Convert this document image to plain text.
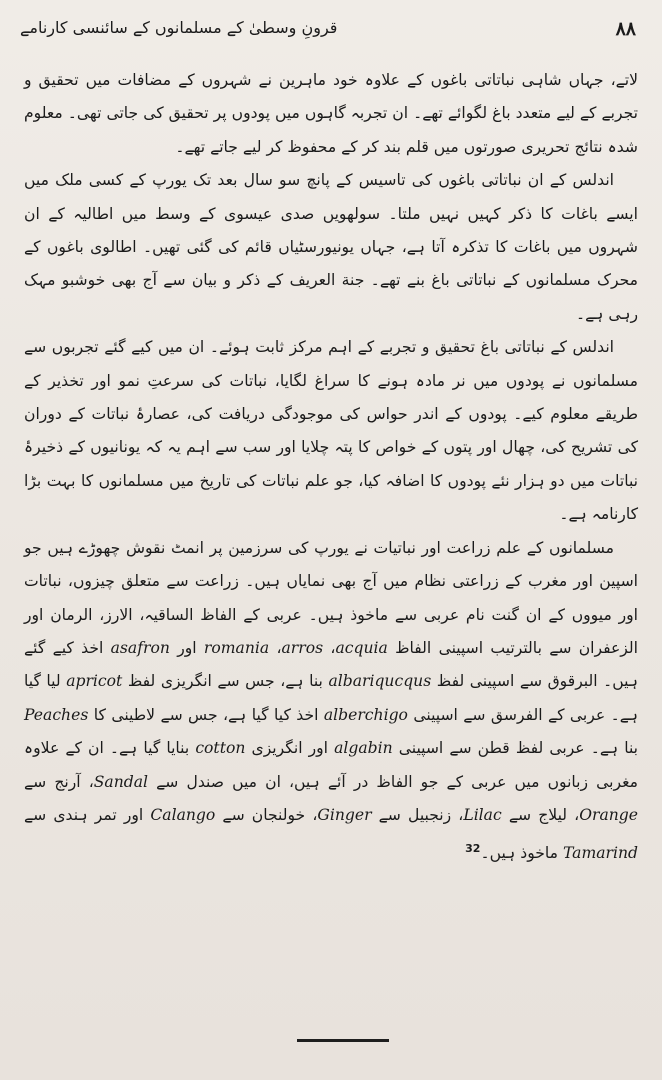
قرونِ وسطیٰ کے مسلمانوں کے سائنسی کارنامے	۸۸

لاتے، جہاں شاہی نباتاتی باغوں کے علاوہ خود ماہرین نے شہروں کے مضافات میں تحقیق و تجربے کے لیے متعدد باغ لگوائے تھے۔ ان تجربہ گاہوں میں پودوں پر تحقیق کی جاتی تھی۔ معلوم شدہ نتائج تحریری صورتوں میں قلم بند کر کے محفوظ کر لیے جاتے تھے۔

اندلس کے ان نباتاتی باغوں کی تاسیس کے پانچ سو سال بعد تک یورپ کے کسی ملک میں ایسے باغات کا ذکر کہیں نہیں ملتا۔ سولھویں صدی عیسوی کے وسط میں اطالیہ کے ان شہروں میں باغات کا تذکرہ آتا ہے، جہاں یونیورسٹیاں قائم کی گئی تھیں۔ اطالوی باغوں کے محرک مسلمانوں کے نباتاتی باغ بنے تھے۔ جنة العریف کے ذکر و بیان سے آج بھی خوشبو مہک رہی ہے۔

اندلس کے نباتاتی باغ تحقیق و تجربے کے اہم مرکز ثابت ہوئے۔ ان میں کیے گئے تجربوں سے مسلمانوں نے پودوں میں نر مادہ ہونے کا سراغ لگایا، نباتات کی سرعتِ نمو اور تخذیر کے طریقے معلوم کیے۔ پودوں کے اندر حواس کی موجودگی دریافت کی، عصارۂ نباتات کے دوران کی تشریح کی، چھال اور پتوں کے خواص کا پتہ چلایا اور سب سے اہم یہ کہ یونانیوں کے ذخیرۂ نباتات میں دو ہزار نئے پودوں کا اضافہ کیا، جو علم نباتات کی تاریخ میں مسلمانوں کا بہت بڑا کارنامہ ہے۔

مسلمانوں کے علم زراعت اور نباتیات نے یورپ کی سرزمین پر انمٹ نقوش چھوڑے ہیں جو اسپین اور مغرب کے زراعتی نظام میں آج بھی نمایاں ہیں۔ زراعت سے متعلق چیزوں، نباتات اور میووں کے ان گنت نام عربی سے ماخوذ ہیں۔ عربی کے الفاظ الساقیہ، الارز، الرمان اور الزعفران سے بالترتیب اسپینی الفاظ acquia، arros، romania اور asafron اخذ کیے گئے ہیں۔ البرقوق سے اسپینی لفظ albariqucqus بنا ہے، جس سے انگریزی لفظ apricot لیا گیا ہے۔ عربی کے الفرسق سے اسپینی alberchigo اخذ کیا گیا ہے، جس سے لاطینی کا Peaches بنا ہے۔ عربی لفظ قطن سے اسپینی algabin اور انگریزی cotton بنایا گیا ہے۔ ان کے علاوہ مغربی زبانوں میں عربی کے جو الفاظ در آئے ہیں، ان میں صندل سے Sandal، آرنج سے Orange، لیلاج سے Lilac، زنجبیل سے Ginger، خولنجان سے Calango اور تمر ہندی سے Tamarind ماخوذ ہیں۔$^{32}$
